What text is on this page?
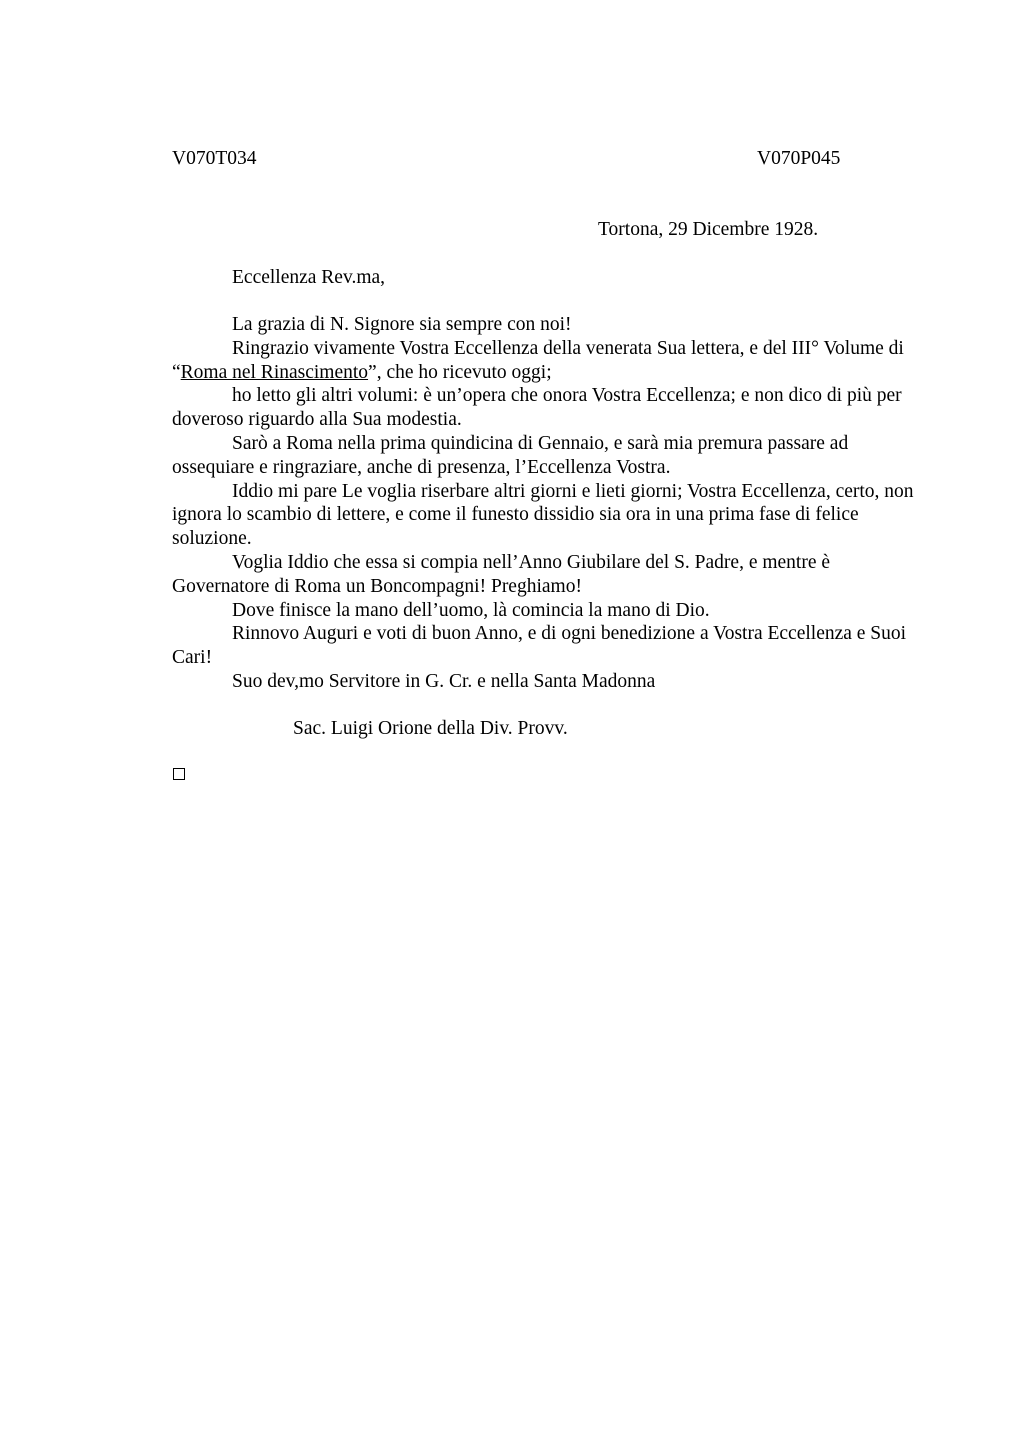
V070T034	V070P045
Tortona, 29 Dicembre 1928.
Eccellenza Rev.ma,

La grazia di N. Signore sia sempre con noi!

Ringrazio vivamente Vostra Eccellenza della venerata Sua lettera, e del III° Volume di “Roma nel Rinascimento”, che ho ricevuto oggi;

ho letto gli altri volumi: è un’opera che onora Vostra Eccellenza; e non dico di più per doveroso riguardo alla Sua modestia.

Sarò a Roma nella prima quindicina di Gennaio, e sarà mia premura passare ad ossequiare e ringraziare, anche di presenza, l’Eccellenza Vostra.

Iddio mi pare Le voglia riserbare altri giorni e lieti giorni; Vostra Eccellenza, certo, non ignora lo scambio di lettere, e come il funesto dissidio sia ora in una prima fase di felice soluzione.

Voglia Iddio che essa si compia nell’Anno Giubilare del S. Padre, e mentre è Governatore di Roma un Boncompagni! Preghiamo!

Dove finisce la mano dell’uomo, là comincia la mano di Dio.

Rinnovo Auguri e voti di buon Anno, e di ogni benedizione a Vostra Eccellenza e Suoi Cari!

Suo dev,mo Servitore in G. Cr. e nella Santa Madonna

Sac. Luigi Orione della Div. Provv.
